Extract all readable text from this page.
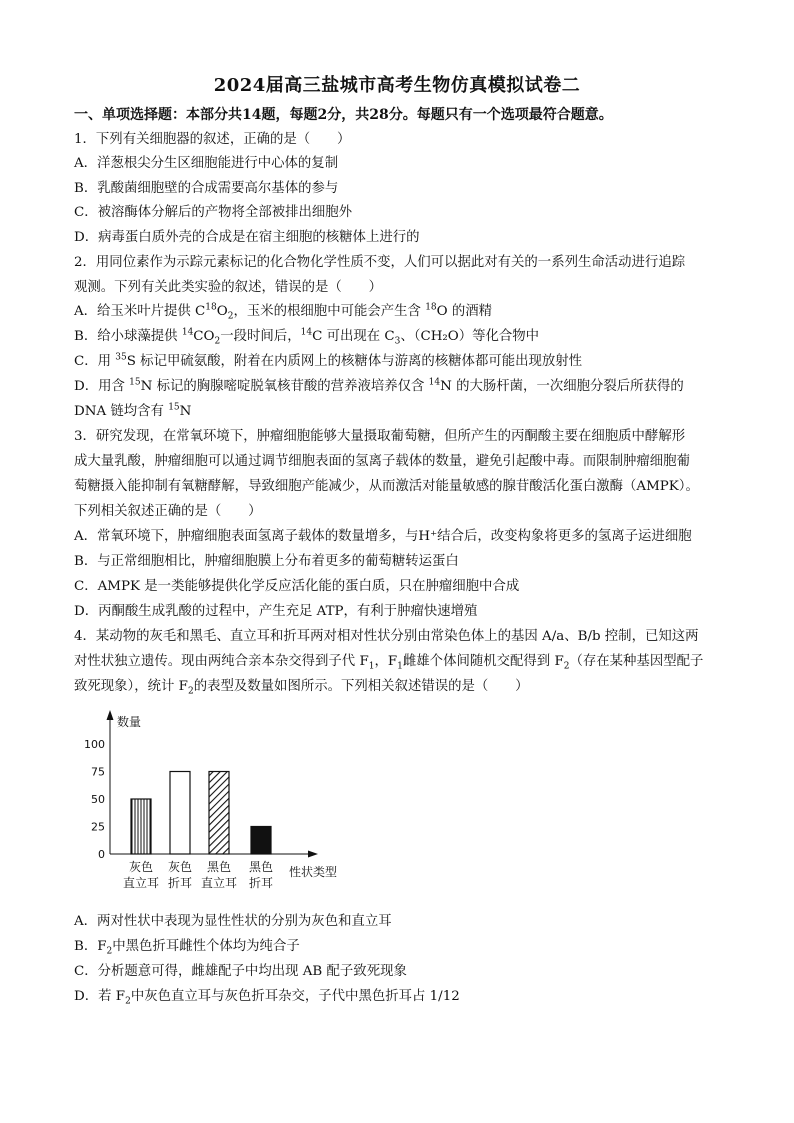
2024届高三盐城市高考生物仿真模拟试卷二
一、单项选择题：本部分共14题，每题2分，共28分。每题只有一个选项最符合题意。
1．下列有关细胞器的叙述，正确的是（　　）
A．洋葱根尖分生区细胞能进行中心体的复制
B．乳酸菌细胞壁的合成需要高尔基体的参与
C．被溶酶体分解后的产物将全部被排出细胞外
D．病毒蛋白质外壳的合成是在宿主细胞的核糖体上进行的
2．用同位素作为示踪元素标记的化合物化学性质不变，人们可以据此对有关的一系列生命活动进行追踪
观测。下列有关此类实验的叙述，错误的是（　　）
A．给玉米叶片提供 $C^{18}O_2$，玉米的根细胞中可能会产生含 $^{18}$O 的酒精
B．给小球藻提供 $^{14}CO_2$一段时间后，$^{14}$C 可出现在 $C_3$、（CH₂O）等化合物中
C．用 $^{35}$S 标记甲硫氨酸，附着在内质网上的核糖体与游离的核糖体都可能出现放射性
D．用含 $^{15}$N 标记的胸腺嘧啶脱氧核苷酸的营养液培养仅含 $^{14}$N 的大肠杆菌，一次细胞分裂后所获得的
DNA 链均含有 $^{15}$N
3．研究发现，在常氧环境下，肿瘤细胞能够大量摄取葡萄糖，但所产生的丙酮酸主要在细胞质中酵解形
成大量乳酸，肿瘤细胞可以通过调节细胞表面的氢离子载体的数量，避免引起酸中毒。而限制肿瘤细胞葡
萄糖摄入能抑制有氧糖酵解，导致细胞产能减少，从而激活对能量敏感的腺苷酸活化蛋白激酶（AMPK）。
下列相关叙述正确的是（　　）
A．常氧环境下，肿瘤细胞表面氢离子载体的数量增多，与H⁺结合后，改变构象将更多的氢离子运进细胞
B．与正常细胞相比，肿瘤细胞膜上分布着更多的葡萄糖转运蛋白
C．AMPK 是一类能够提供化学反应活化能的蛋白质，只在肿瘤细胞中合成
D．丙酮酸生成乳酸的过程中，产生充足 ATP，有利于肿瘤快速增殖
4．某动物的灰毛和黑毛、直立耳和折耳两对相对性状分别由常染色体上的基因 A/a、B/b 控制，已知这两
对性状独立遗传。现由两纯合亲本杂交得到子代 $F_1$，$F_1$雌雄个体间随机交配得到 $F_2$（存在某种基因型配子
致死现象），统计 $F_2$的表型及数量如图所示。下列相关叙述错误的是（　　）
数量
性状类型
100
75
50
25
0
灰色
直立耳
灰色
折耳
黑色
直立耳
黑色
折耳
A．两对性状中表现为显性性状的分别为灰色和直立耳
B．$F_2$中黑色折耳雌性个体均为纯合子
C．分析题意可得，雌雄配子中均出现 AB 配子致死现象
D．若 $F_2$中灰色直立耳与灰色折耳杂交，子代中黑色折耳占 1/12
